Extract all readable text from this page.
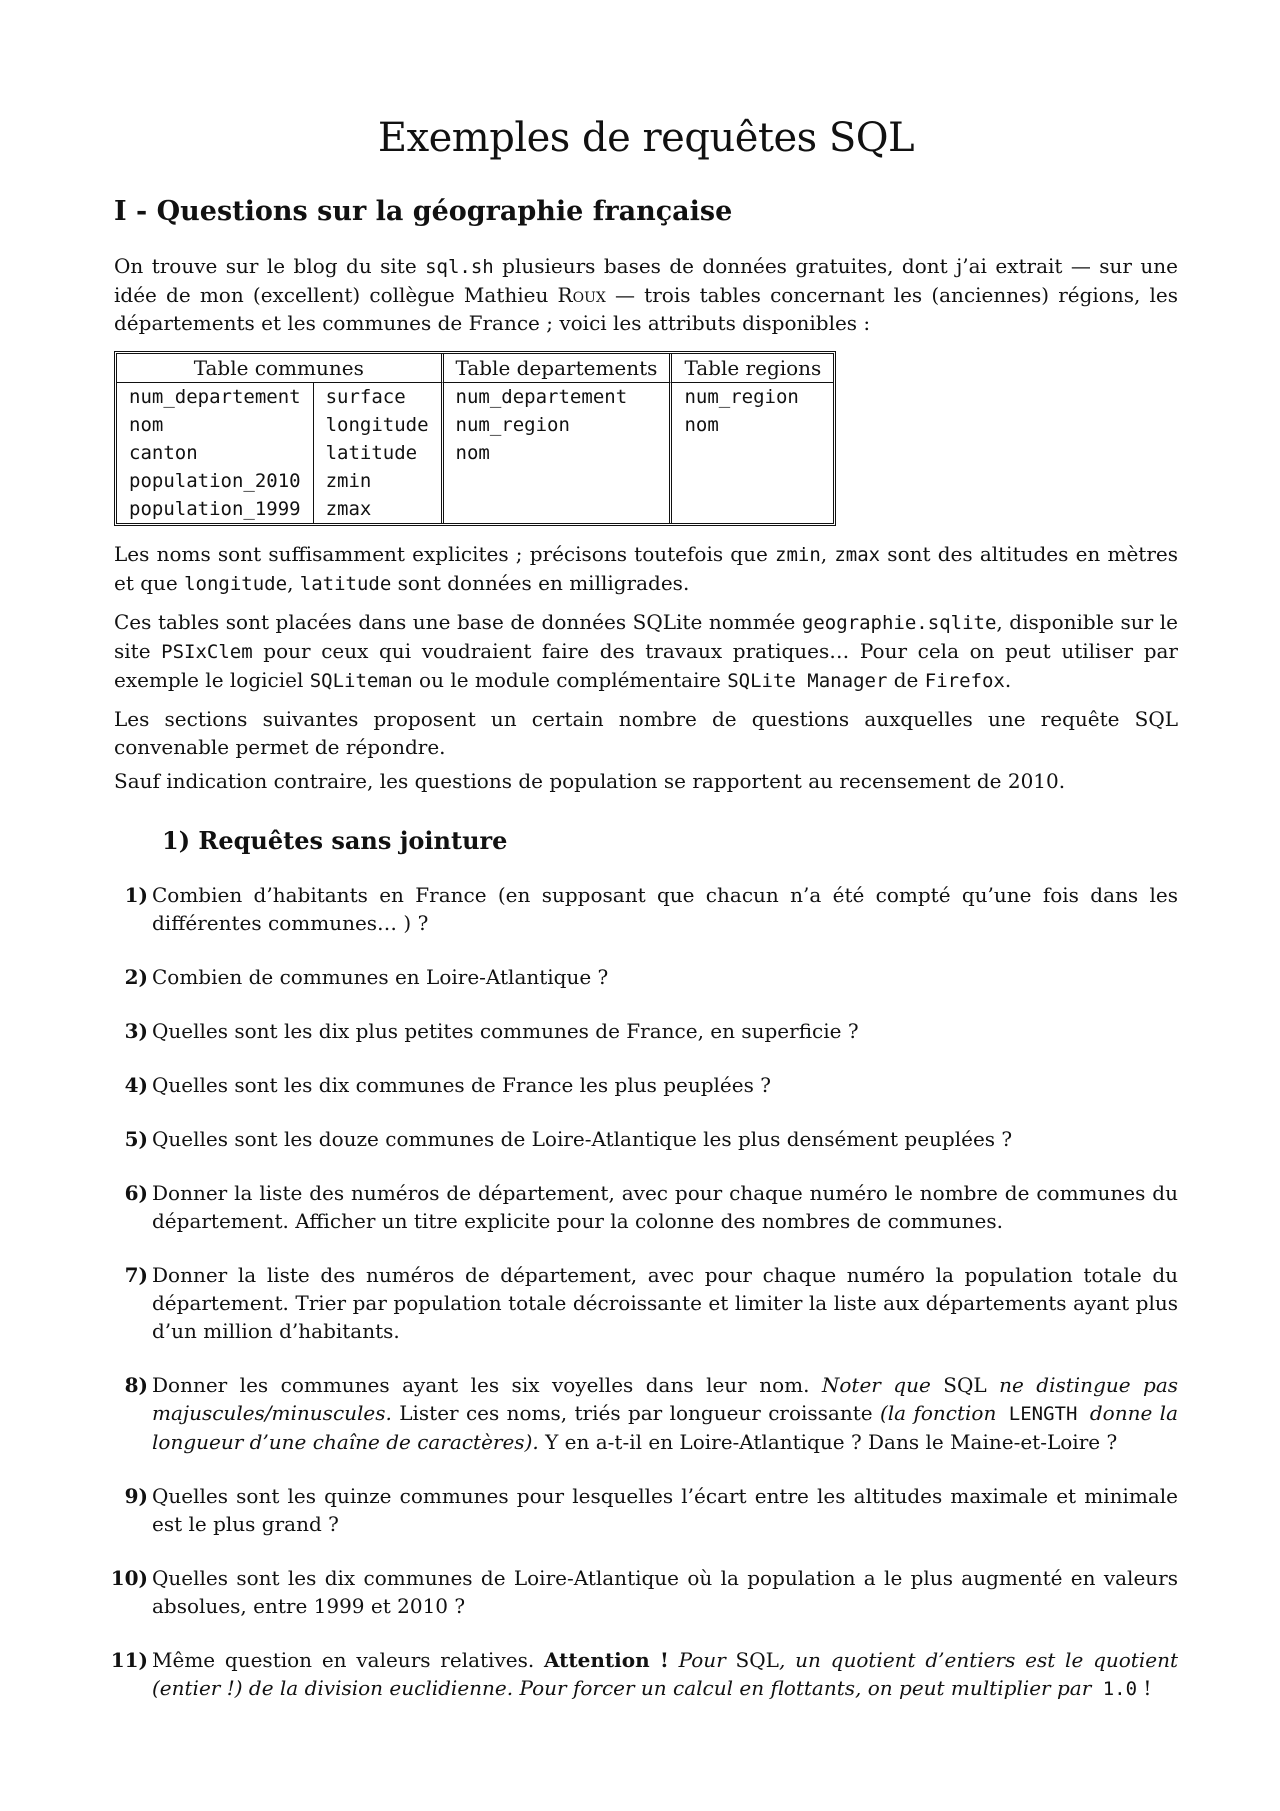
Exemples de requêtes SQL
I - Questions sur la géographie française

On trouve sur le blog du site sql.sh plusieurs bases de données gratuites, dont j’ai extrait — sur une idée de mon (excellent) collègue Mathieu Roux — trois tables concernant les (anciennes) régions, les départements et les communes de France ; voici les attributs disponibles :

Table communes		Table departements	Table regions
num_departement	surface	num_departement	num_region
nom	longitude	num_region	nom
canton	latitude	nom	
population_2010	zmin		
population_1999	zmax		

Les noms sont suffisamment explicites ; précisons toutefois que zmin, zmax sont des altitudes en mètres et que longitude, latitude sont données en milligrades.

Ces tables sont placées dans une base de données SQLite nommée geographie.sqlite, disponible sur le site PSIxClem pour ceux qui voudraient faire des travaux pratiques… Pour cela on peut utiliser par exemple le logiciel SQLiteman ou le module complémentaire SQLite Manager de Firefox.

Les sections suivantes proposent un certain nombre de questions auxquelles une requête SQL convenable permet de répondre.

Sauf indication contraire, les questions de population se rapportent au recensement de 2010.

1) Requêtes sans jointure
1) Combien d’habitants en France (en supposant que chacun n’a été compté qu’une fois dans les différentes communes… ) ?
2) Combien de communes en Loire-Atlantique ?
3) Quelles sont les dix plus petites communes de France, en superficie ?
4) Quelles sont les dix communes de France les plus peuplées ?
5) Quelles sont les douze communes de Loire-Atlantique les plus densément peuplées ?
6) Donner la liste des numéros de département, avec pour chaque numéro le nombre de communes du département. Afficher un titre explicite pour la colonne des nombres de communes.
7) Donner la liste des numéros de département, avec pour chaque numéro la population totale du département. Trier par population totale décroissante et limiter la liste aux départements ayant plus d’un million d’habitants.
8) Donner les communes ayant les six voyelles dans leur nom. Noter que SQL ne distingue pas majuscules/minuscules. Lister ces noms, triés par longueur croissante (la fonction LENGTH donne la longueur d’une chaîne de caractères). Y en a-t-il en Loire-Atlantique ? Dans le Maine-et-Loire ?
9) Quelles sont les quinze communes pour lesquelles l’écart entre les altitudes maximale et minimale est le plus grand ?
10) Quelles sont les dix communes de Loire-Atlantique où la population a le plus augmenté en valeurs absolues, entre 1999 et 2010 ?
11) Même question en valeurs relatives. Attention ! Pour SQL, un quotient d’entiers est le quotient (entier !) de la division euclidienne. Pour forcer un calcul en flottants, on peut multiplier par 1.0 !
